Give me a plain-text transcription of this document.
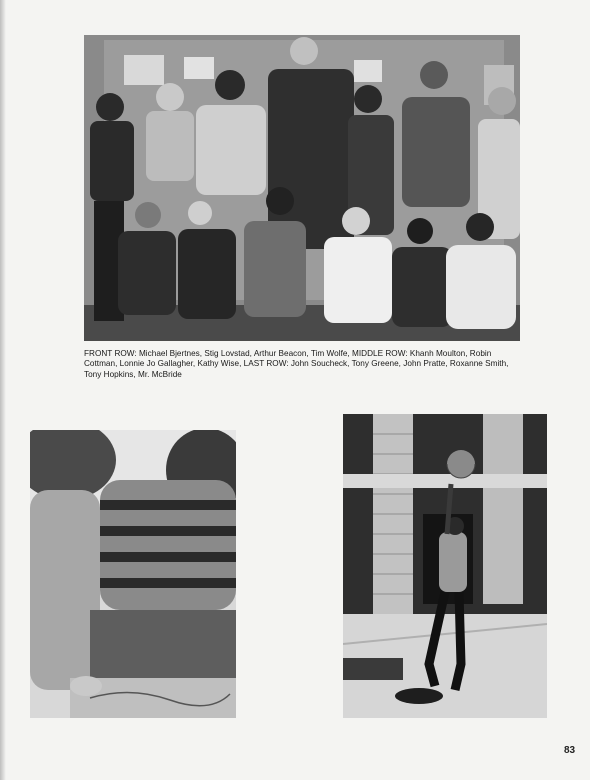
FRONT ROW: Michael Bjertnes, Stig Lovstad, Arthur Beacon, Tim Wolfe, MIDDLE ROW: Khanh Moulton, Robin Cottman, Lonnie Jo Gallagher, Kathy Wise, LAST ROW: John Soucheck, Tony Greene, John Pratte, Roxanne Smith, Tony Hopkins, Mr. McBride
83
